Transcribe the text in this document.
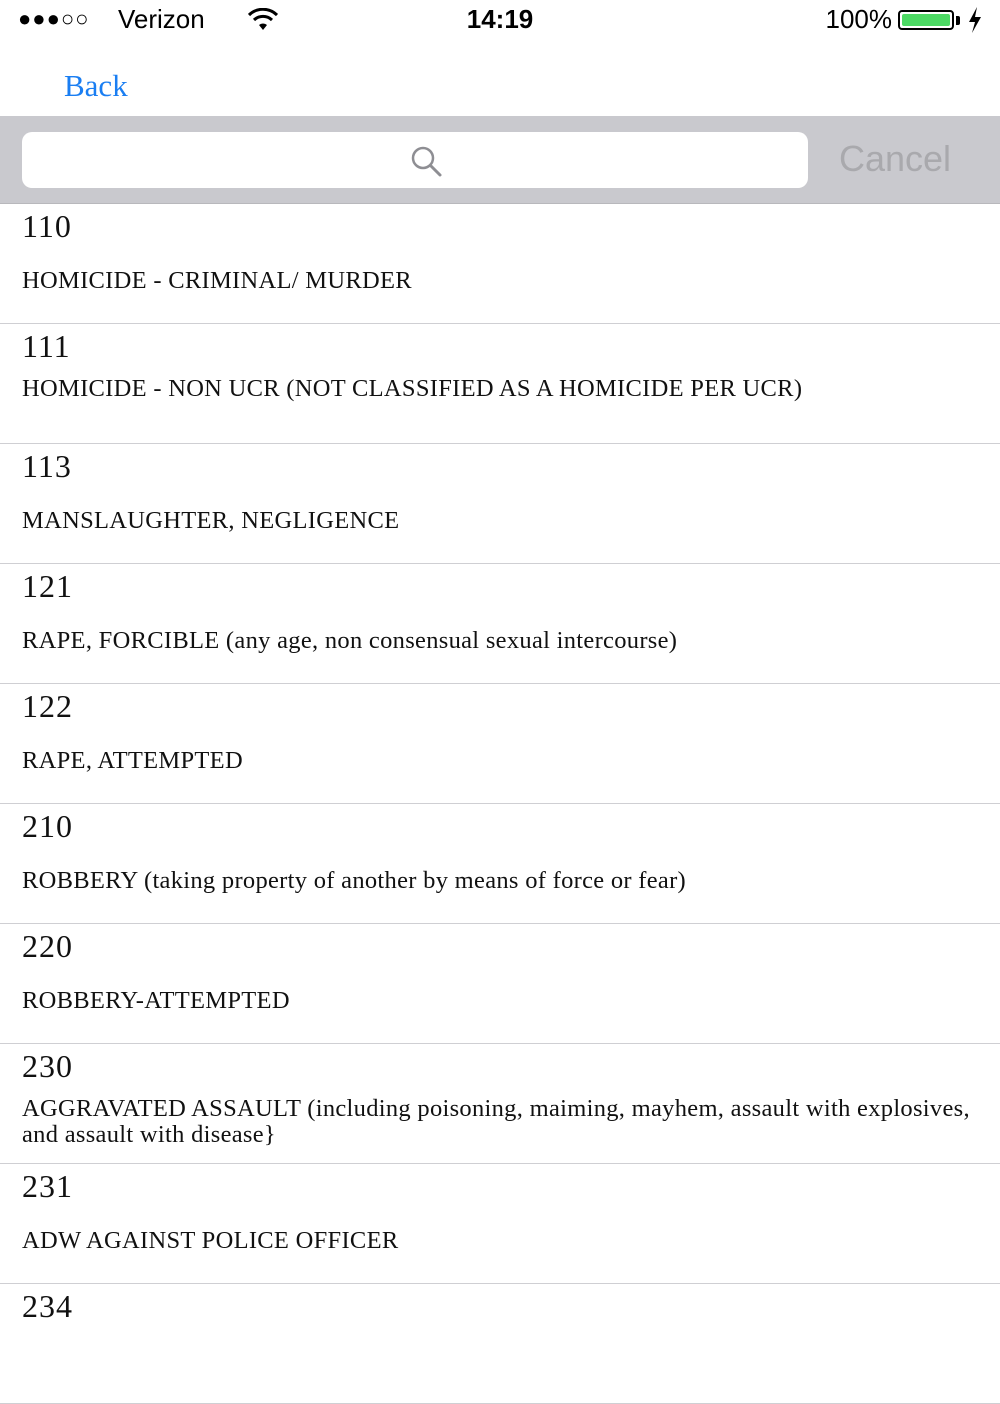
●●●○○ Verizon	14:19	100%
Back
Cancel
110
HOMICIDE - CRIMINAL/ MURDER
111
HOMICIDE - NON UCR (NOT CLASSIFIED AS A HOMICIDE PER UCR)
113
MANSLAUGHTER, NEGLIGENCE
121
RAPE, FORCIBLE (any age, non consensual sexual intercourse)
122
RAPE, ATTEMPTED
210
ROBBERY (taking property of another by means of force or fear)
220
ROBBERY-ATTEMPTED
230
AGGRAVATED ASSAULT (including poisoning, maiming, mayhem, assault with explosives, and assault with disease}
231
ADW AGAINST POLICE OFFICER
234
